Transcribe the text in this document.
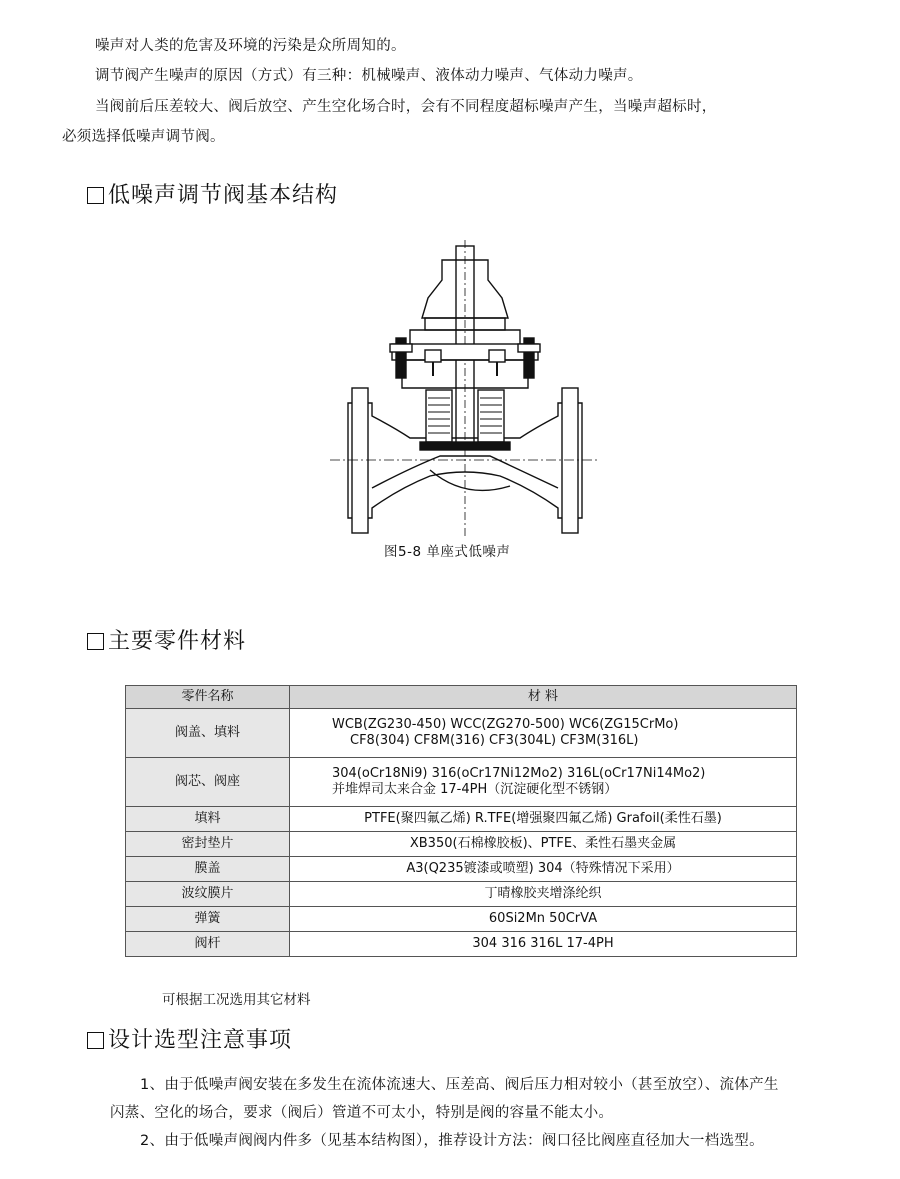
噪声对人类的危害及环境的污染是众所周知的。

调节阀产生噪声的原因（方式）有三种：机械噪声、液体动力噪声、气体动力噪声。

当阀前后压差较大、阀后放空、产生空化场合时，会有不同程度超标噪声产生，当噪声超标时，

必须选择低噪声调节阀。

低噪声调节阀基本结构
图5-8 单座式低噪声
主要零件材料
零件名称	材 料
阀盖、填料	WCB(ZG230-450) WCC(ZG270-500) WC6(ZG15CrMo)
CF8(304) CF8M(316) CF3(304L) CF3M(316L)

阀芯、阀座	304(oCr18Ni9) 316(oCr17Ni12Mo2) 316L(oCr17Ni14Mo2)
并堆焊司太来合金 17-4PH（沉淀硬化型不锈钢）

填料	PTFE(聚四氟乙烯) R.TFE(增强聚四氟乙烯) Grafoil(柔性石墨)
密封垫片	XB350(石棉橡胶板)、PTFE、柔性石墨夹金属
膜盖	A3(Q235镀漆或喷塑) 304（特殊情况下采用）
波纹膜片	丁晴橡胶夹增涤纶织
弹簧	60Si2Mn 50CrVA
阀杆	304 316 316L 17-4PH
可根据工况选用其它材料
设计选型注意事项

1、由于低噪声阀安装在多发生在流体流速大、压差高、阀后压力相对较小（甚至放空）、流体产生

闪蒸、空化的场合，要求（阀后）管道不可太小，特别是阀的容量不能太小。

2、由于低噪声阀阀内件多（见基本结构图），推荐设计方法：阀口径比阀座直径加大一档选型。
